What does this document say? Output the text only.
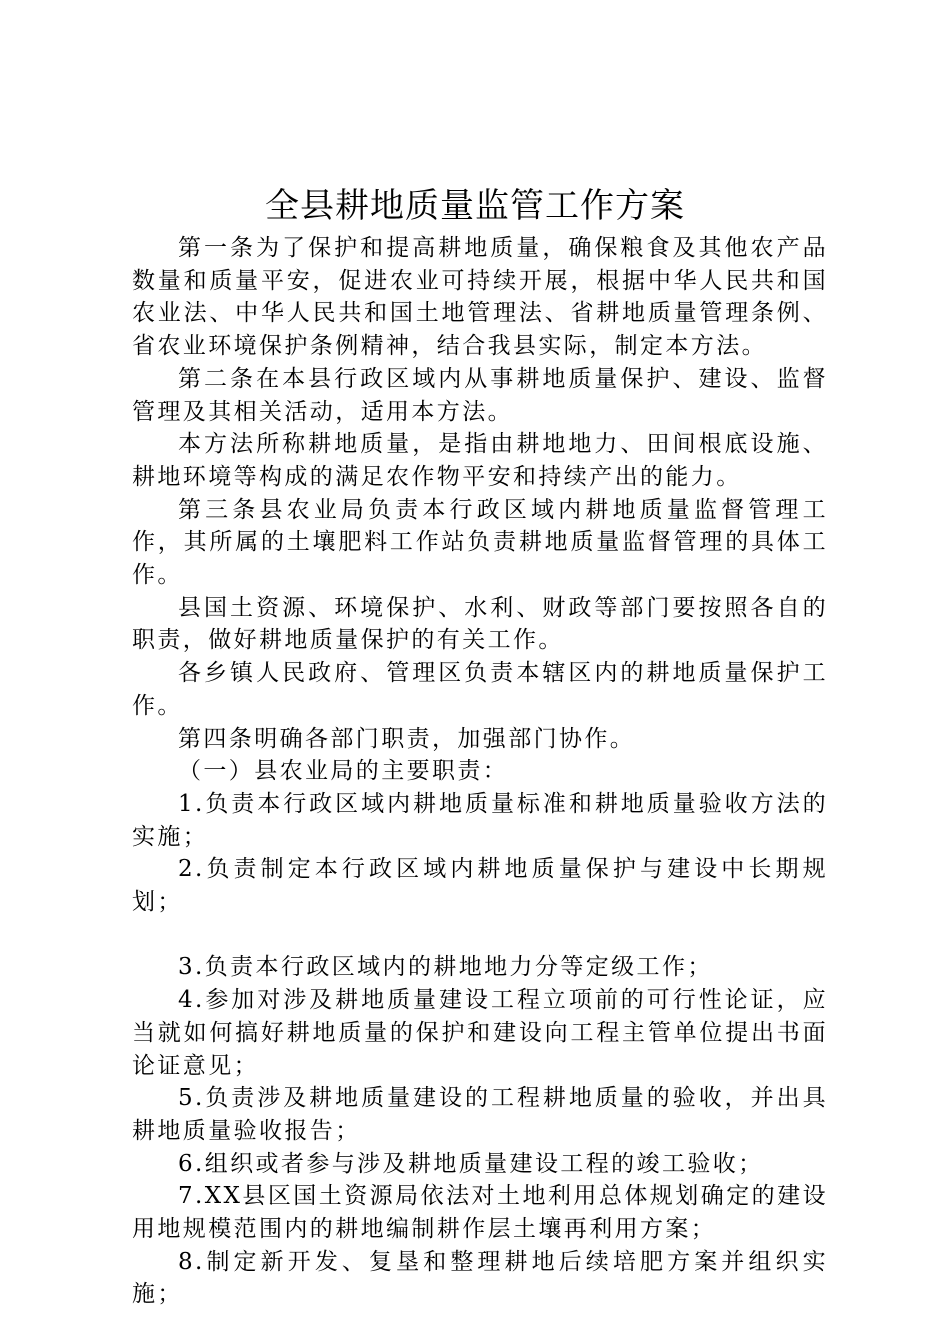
全县耕地质量监管工作方案

第一条为了保护和提高耕地质量，确保粮食及其他农产品数量和质量平安，促进农业可持续开展，根据中华人民共和国农业法、中华人民共和国土地管理法、省耕地质量管理条例、省农业环境保护条例精神，结合我县实际，制定本方法。

第二条在本县行政区域内从事耕地质量保护、建设、监督管理及其相关活动，适用本方法。

本方法所称耕地质量，是指由耕地地力、田间根底设施、耕地环境等构成的满足农作物平安和持续产出的能力。

第三条县农业局负责本行政区域内耕地质量监督管理工作，其所属的土壤肥料工作站负责耕地质量监督管理的具体工作。

县国土资源、环境保护、水利、财政等部门要按照各自的职责，做好耕地质量保护的有关工作。

各乡镇人民政府、管理区负责本辖区内的耕地质量保护工作。

第四条明确各部门职责，加强部门协作。

（一）县农业局的主要职责：

1.负责本行政区域内耕地质量标准和耕地质量验收方法的实施；

2.负责制定本行政区域内耕地质量保护与建设中长期规划；

3.负责本行政区域内的耕地地力分等定级工作；

4.参加对涉及耕地质量建设工程立项前的可行性论证，应当就如何搞好耕地质量的保护和建设向工程主管单位提出书面论证意见；

5.负责涉及耕地质量建设的工程耕地质量的验收，并出具耕地质量验收报告；

6.组织或者参与涉及耕地质量建设工程的竣工验收；

7.XX县区国土资源局依法对土地利用总体规划确定的建设用地规模范围内的耕地编制耕作层土壤再利用方案；

8.制定新开发、复垦和整理耕地后续培肥方案并组织实施；
